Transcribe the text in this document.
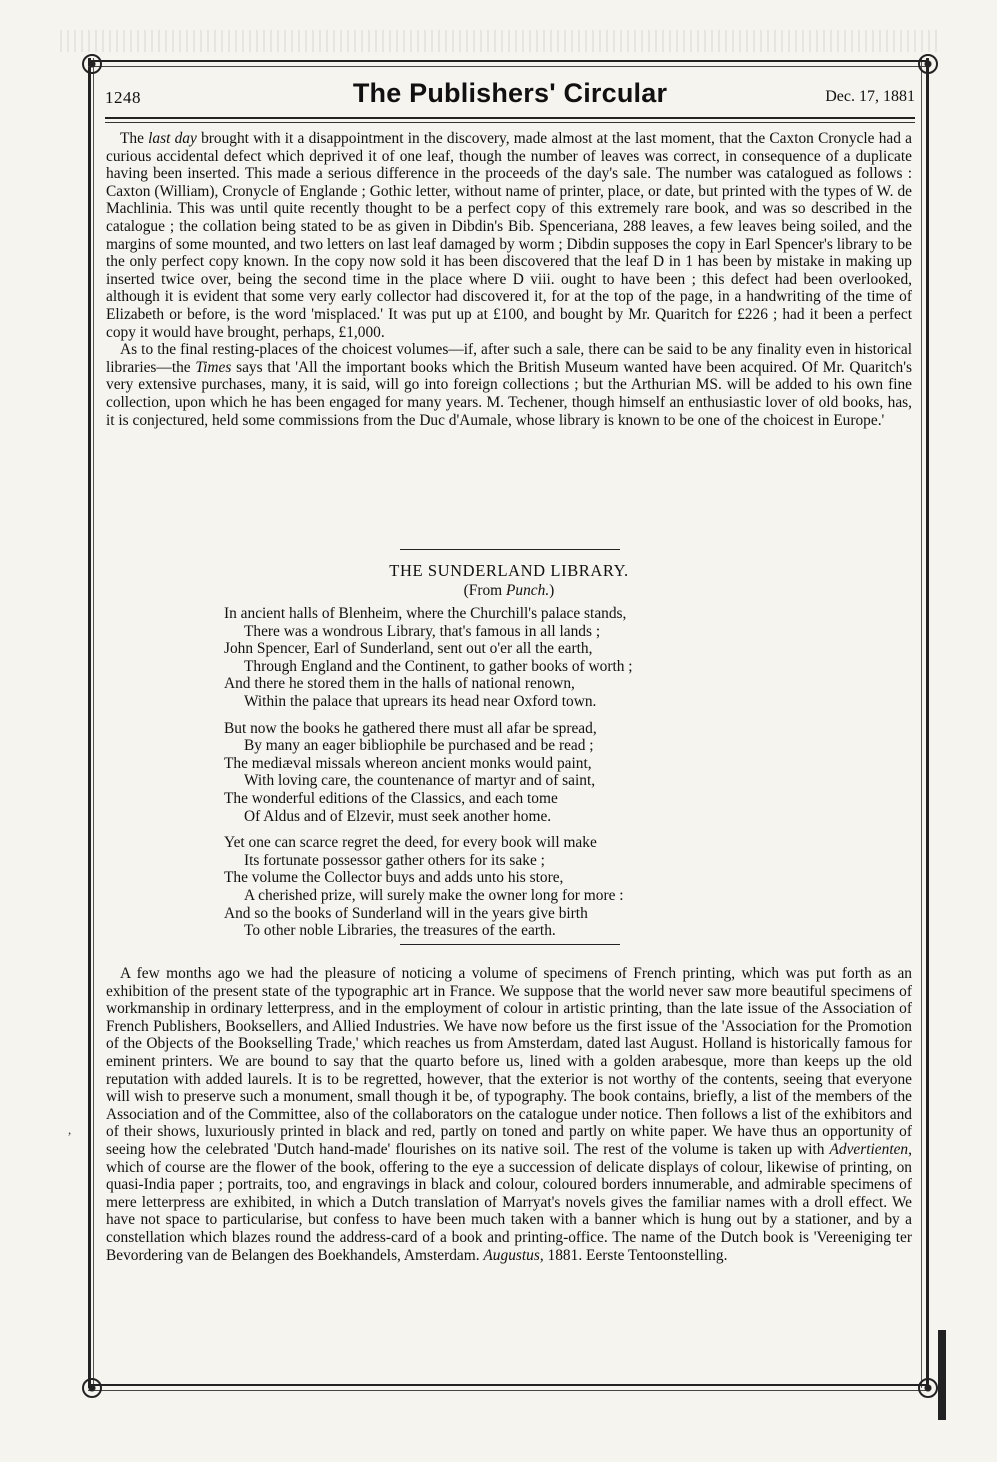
1248	The Publishers' Circular	Dec. 17, 1881

The last day brought with it a disappointment in the discovery, made almost at the last moment, that the Caxton Cronycle had a curious accidental defect which deprived it of one leaf, though the number of leaves was correct, in consequence of a duplicate having been inserted. This made a serious difference in the proceeds of the day's sale. The number was catalogued as follows : Caxton (William), Cronycle of Englande ; Gothic letter, without name of printer, place, or date, but printed with the types of W. de Machlinia. This was until quite recently thought to be a perfect copy of this extremely rare book, and was so described in the catalogue ; the collation being stated to be as given in Dibdin's Bib. Spenceriana, 288 leaves, a few leaves being soiled, and the margins of some mounted, and two letters on last leaf damaged by worm ; Dibdin supposes the copy in Earl Spencer's library to be the only perfect copy known. In the copy now sold it has been discovered that the leaf D in 1 has been by mistake in making up inserted twice over, being the second time in the place where D viii. ought to have been ; this defect had been overlooked, although it is evident that some very early collector had discovered it, for at the top of the page, in a handwriting of the time of Elizabeth or before, is the word 'misplaced.' It was put up at £100, and bought by Mr. Quaritch for £226 ; had it been a perfect copy it would have brought, perhaps, £1,000.

As to the final resting-places of the choicest volumes—if, after such a sale, there can be said to be any finality even in historical libraries—the Times says that 'All the important books which the British Museum wanted have been acquired. Of Mr. Quaritch's very extensive purchases, many, it is said, will go into foreign collections ; but the Arthurian MS. will be added to his own fine collection, upon which he has been engaged for many years. M. Techener, though himself an enthusiastic lover of old books, has, it is conjectured, held some commissions from the Duc d'Aumale, whose library is known to be one of the choicest in Europe.'

THE SUNDERLAND LIBRARY.
(From Punch.)
In ancient halls of Blenheim, where the Churchill's palace stands,
There was a wondrous Library, that's famous in all lands ;
John Spencer, Earl of Sunderland, sent out o'er all the earth,
Through England and the Continent, to gather books of worth ;
And there he stored them in the halls of national renown,
Within the palace that uprears its head near Oxford town.
But now the books he gathered there must all afar be spread,
By many an eager bibliophile be purchased and be read ;
The mediæval missals whereon ancient monks would paint,
With loving care, the countenance of martyr and of saint,
The wonderful editions of the Classics, and each tome
Of Aldus and of Elzevir, must seek another home.
Yet one can scarce regret the deed, for every book will make
Its fortunate possessor gather others for its sake ;
The volume the Collector buys and adds unto his store,
A cherished prize, will surely make the owner long for more :
And so the books of Sunderland will in the years give birth
To other noble Libraries, the treasures of the earth.

A few months ago we had the pleasure of noticing a volume of specimens of French printing, which was put forth as an exhibition of the present state of the typographic art in France. We suppose that the world never saw more beautiful specimens of workmanship in ordinary letterpress, and in the employment of colour in artistic printing, than the late issue of the Association of French Publishers, Booksellers, and Allied Industries. We have now before us the first issue of the 'Association for the Promotion of the Objects of the Bookselling Trade,' which reaches us from Amsterdam, dated last August. Holland is historically famous for eminent printers. We are bound to say that the quarto before us, lined with a golden arabesque, more than keeps up the old reputation with added laurels. It is to be regretted, however, that the exterior is not worthy of the contents, seeing that everyone will wish to preserve such a monument, small though it be, of typography. The book contains, briefly, a list of the members of the Association and of the Committee, also of the collaborators on the catalogue under notice. Then follows a list of the exhibitors and of their shows, luxuriously printed in black and red, partly on toned and partly on white paper. We have thus an opportunity of seeing how the celebrated 'Dutch hand-made' flourishes on its native soil. The rest of the volume is taken up with Advertienten, which of course are the flower of the book, offering to the eye a succession of delicate displays of colour, likewise of printing, on quasi-India paper ; portraits, too, and engravings in black and colour, coloured borders innumerable, and admirable specimens of mere letterpress are exhibited, in which a Dutch translation of Marryat's novels gives the familiar names with a droll effect. We have not space to particularise, but confess to have been much taken with a banner which is hung out by a stationer, and by a constellation which blazes round the address-card of a book and printing-office. The name of the Dutch book is 'Vereeniging ter Bevordering van de Belangen des Boekhandels, Amsterdam. Augustus, 1881. Eerste Tentoonstelling.

,
